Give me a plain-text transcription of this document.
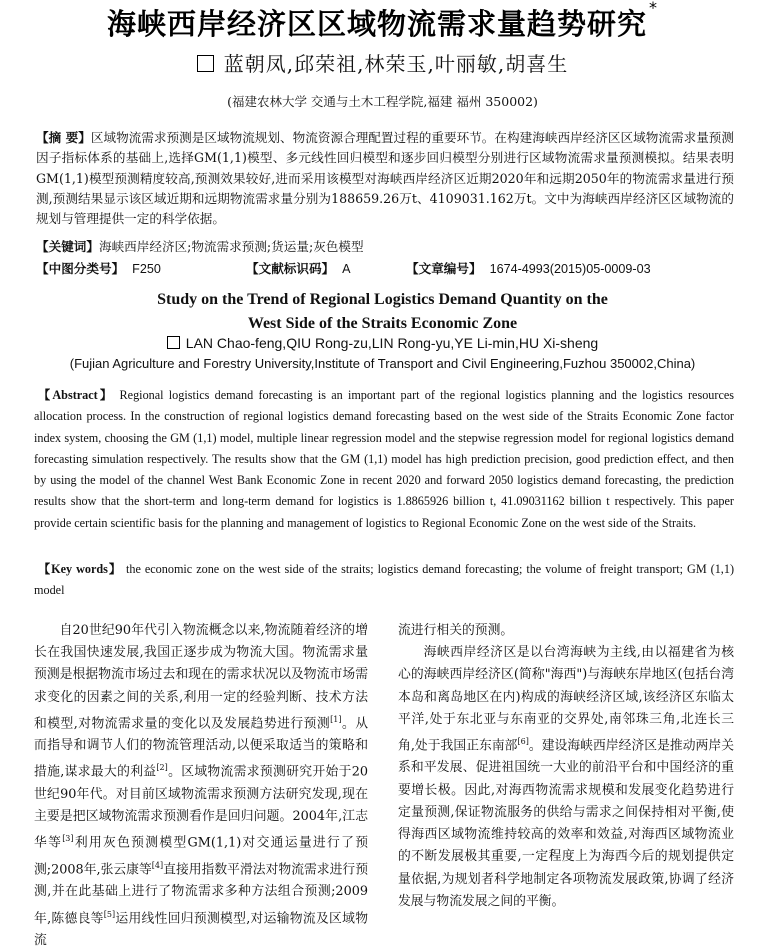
海峡西岸经济区区域物流需求量趋势研究 *
蓝朝凤,邱荣祖,林荣玉,叶丽敏,胡喜生
(福建农林大学 交通与土木工程学院,福建 福州 350002)
【摘 要】区域物流需求预测是区域物流规划、物流资源合理配置过程的重要环节。在构建海峡西岸经济区区域物流需求量预测因子指标体系的基础上,选择GM(1,1)模型、多元线性回归模型和逐步回归模型分别进行区域物流需求量预测模拟。结果表明GM(1,1)模型预测精度较高,预测效果较好,进而采用该模型对海峡西岸经济区近期2020年和远期2050年的物流需求量进行预测,预测结果显示该区域近期和远期物流需求量分别为188659.26万t、4109031.162万t。文中为海峡西岸经济区区域物流的规划与管理提供一定的科学依据。
【关键词】海峡西岸经济区;物流需求预测;货运量;灰色模型
【中图分类号】 F250	【文献标识码】 A	【文章编号】 1674-4993(2015)05-0009-03
Study on the Trend of Regional Logistics Demand Quantity on the
West Side of the Straits Economic Zone
LAN Chao-feng,QIU Rong-zu,LIN Rong-yu,YE Li-min,HU Xi-sheng
(Fujian Agriculture and Forestry University,Institute of Transport and Civil Engineering,Fuzhou 350002,China)
【Abstract】 Regional logistics demand forecasting is an important part of the regional logistics planning and the logistics resources allocation process. In the construction of regional logistics demand forecasting based on the west side of the Straits Economic Zone factor index system, choosing the GM (1,1) model, multiple linear regression model and the stepwise regression model for regional logistics demand forecasting simulation respectively. The results show that the GM (1,1) model has high prediction precision, good prediction effect, and then by using the model of the channel West Bank Economic Zone in recent 2020 and forward 2050 logistics demand forecasting, the prediction results show that the short-term and long-term demand for logistics is 1.8865926 billion t, 41.09031162 billion t respectively. This paper provide certain scientific basis for the planning and management of logistics to Regional Economic Zone on the west side of the Straits.
【Key words】 the economic zone on the west side of the straits; logistics demand forecasting; the volume of freight transport; GM (1,1) model

自20世纪90年代引入物流概念以来,物流随着经济的增长在我国快速发展,我国正逐步成为物流大国。物流需求量预测是根据物流市场过去和现在的需求状况以及物流市场需求变化的因素之间的关系,利用一定的经验判断、技术方法和模型,对物流需求量的变化以及发展趋势进行预测[1]。从而指导和调节人们的物流管理活动,以便采取适当的策略和措施,谋求最大的利益[2]。区域物流需求预测研究开始于20世纪90年代。对目前区域物流需求预测方法研究发现,现在主要是把区域物流需求预测看作是回归问题。2004年,江志华等[3]利用灰色预测模型GM(1,1)对交通运量进行了预测;2008年,张云康等[4]直接用指数平滑法对物流需求进行预测,并在此基础上进行了物流需求多种方法组合预测;2009年,陈德良等[5]运用线性回归预测模型,对运输物流及区域物流

流进行相关的预测。

海峡西岸经济区是以台湾海峡为主线,由以福建省为核心的海峡西岸经济区(简称"海西")与海峡东岸地区(包括台湾本岛和离岛地区在内)构成的海峡经济区域,该经济区东临太平洋,处于东北亚与东南亚的交界处,南邻珠三角,北连长三角,处于我国正东南部[6]。建设海峡西岸经济区是推动两岸关系和平发展、促进祖国统一大业的前沿平台和中国经济的重要增长极。因此,对海西物流需求规模和发展变化趋势进行定量预测,保证物流服务的供给与需求之间保持相对平衡,使得海西区域物流维持较高的效率和效益,对海西区域物流业的不断发展极其重要,一定程度上为海西今后的规划提供定量依据,为规划者科学地制定各项物流发展政策,协调了经济发展与物流发展之间的平衡。
